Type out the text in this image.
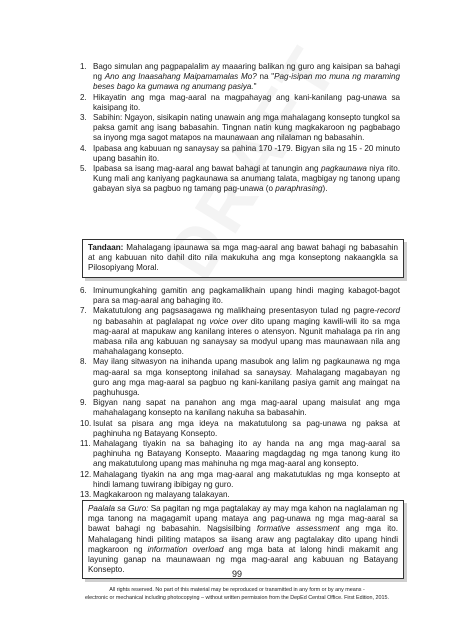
1. Bago simulan ang pagpapalalim ay maaaring balikan ng guro ang kaisipan sa bahagi ng Ano ang Inaasahang Maipamamalas Mo? na "Pag-isipan mo muna ng maraming beses bago ka gumawa ng anumang pasiya."
2. Hikayatin ang mga mag-aaral na magpahayag ang kani-kanilang pag-unawa sa kaisipang ito.
3. Sabihin: Ngayon, sisikapin nating unawain ang mga mahalagang konsepto tungkol sa paksa gamit ang isang babasahin. Tingnan natin kung magkakaroon ng pagbabago sa inyong mga sagot matapos na maunawaan ang nilalaman ng babasahin.
4. Ipabasa ang kabuuan ng sanaysay sa pahina 170 -179. Bigyan sila ng 15 - 20 minuto upang basahin ito.
5. Ipabasa sa isang mag-aaral ang bawat bahagi at tanungin ang pagkaunawa niya rito. Kung mali ang kaniyang pagkaunawa sa anumang talata, magbigay ng tanong upang gabayan siya sa pagbuo ng tamang pag-unawa (o paraphrasing).
Tandaan: Mahalagang ipaunawa sa mga mag-aaral ang bawat bahagi ng babasahin at ang kabuuan nito dahil dito nila makukuha ang mga konseptong nakaangkla sa Pilosopiyang Moral.
6. Iminumungkahing gamitin ang pagkamalikhain upang hindi maging kabagot-bagot para sa mag-aaral ang bahaging ito.
7. Makatutulong ang pagsasagawa ng malikhaing presentasyon tulad ng pagre-record ng babasahin at paglalapat ng voice over dito upang maging kawili-wili ito sa mga mag-aaral at mapukaw ang kanilang interes o atensyon. Ngunit mahalaga pa rin ang mabasa nila ang kabuuan ng sanaysay sa modyul upang mas maunawaan nila ang mahahalagang konsepto.
8. May ilang sitwasyon na inihanda upang masubok ang lalim ng pagkaunawa ng mga mag-aaral sa mga konseptong inilahad sa sanaysay. Mahalagang magabayan ng guro ang mga mag-aaral sa pagbuo ng kani-kanilang pasiya gamit ang maingat na paghuhusga.
9. Bigyan nang sapat na panahon ang mga mag-aaral upang maisulat ang mga mahahalagang konsepto na kanilang nakuha sa babasahin.
10. Isulat sa pisara ang mga ideya na makatutulong sa pag-unawa ng paksa at paghinuha ng Batayang Konsepto.
11. Mahalagang tiyakin na sa bahaging ito ay handa na ang mga mag-aaral sa paghinuha ng Batayang Konsepto. Maaaring magdagdag ng mga tanong kung ito ang makatutulong upang mas mahinuha ng mga mag-aaral ang konsepto.
12. Mahalagang tiyakin na ang mga mag-aaral ang makatutuklas ng mga konsepto at hindi lamang tuwirang ibibigay ng guro.
13. Magkakaroon ng malayang talakayan.
Paalala sa Guro: Sa pagitan ng mga pagtalakay ay may mga kahon na naglalaman ng mga tanong na magagamit upang mataya ang pag-unawa ng mga mag-aaral sa bawat bahagi ng babasahin. Nagsisilbing formative assessment ang mga ito. Mahalagang hindi piliting matapos sa iisang araw ang pagtalakay dito upang hindi magkaroon ng information overload ang mga bata at lalong hindi makamit ang layuning ganap na maunawaan ng mga mag-aaral ang kabuuan ng Batayang Konsepto.	99
All rights reserved. No part of this material may be reproduced or transmitted in any form or by any means -
electronic or mechanical including photocopying – without written permission from the DepEd Central Office. First Edition, 2015.
